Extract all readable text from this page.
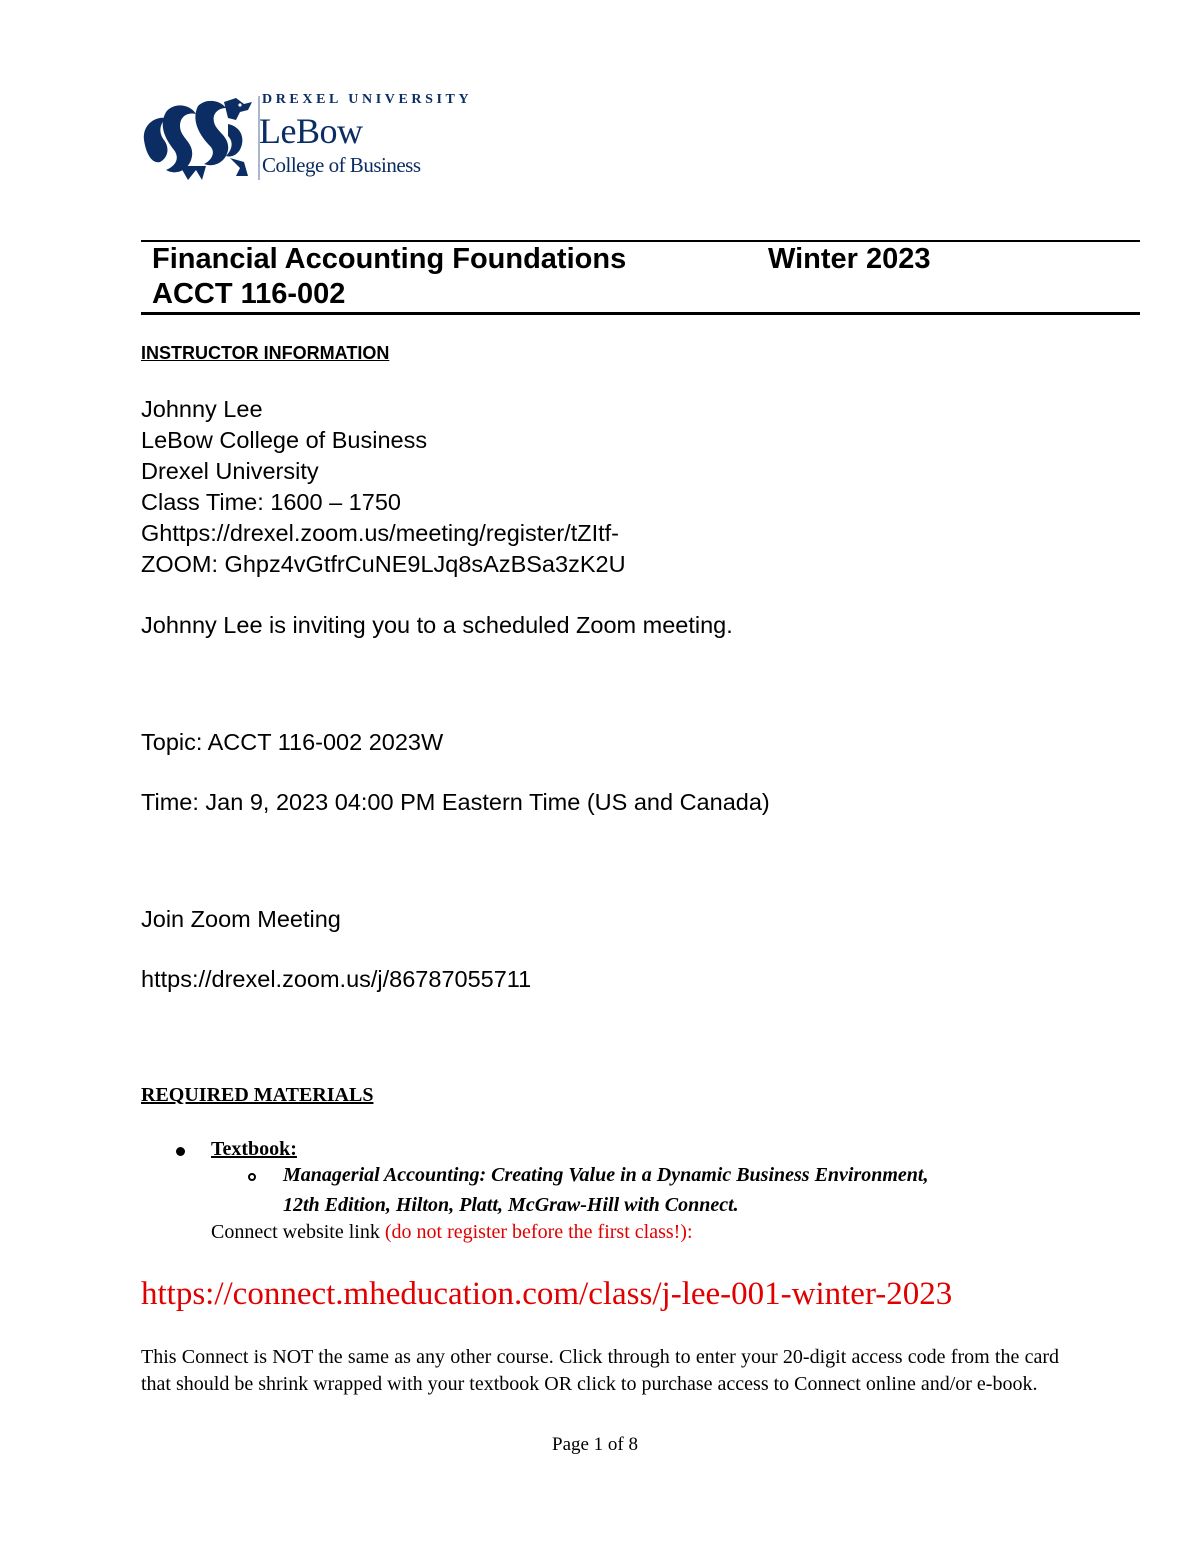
DREXEL UNIVERSITY
LeBow
College of Business
Financial Accounting Foundations	Winter 2023
ACCT 116-002
INSTRUCTOR INFORMATION
Johnny Lee
LeBow College of Business
Drexel University
Class Time: 1600 – 1750
Ghttps://drexel.zoom.us/meeting/register/tZItf-
ZOOM: Ghpz4vGtfrCuNE9LJq8sAzBSa3zK2U
Johnny Lee is inviting you to a scheduled Zoom meeting.
Topic: ACCT 116-002 2023W
Time: Jan 9, 2023 04:00 PM Eastern Time (US and Canada)
Join Zoom Meeting
https://drexel.zoom.us/j/86787055711
REQUIRED MATERIALS
Textbook:
Managerial Accounting: Creating Value in a Dynamic Business Environment,
12th Edition, Hilton, Platt, McGraw-Hill with Connect.
Connect website link (do not register before the first class!):
https://connect.mheducation.com/class/j-lee-001-winter-2023
This Connect is NOT the same as any other course. Click through to enter your 20-digit access code from the card that should be shrink wrapped with your textbook OR click to purchase access to Connect online and/or e-book.
Page 1 of 8
